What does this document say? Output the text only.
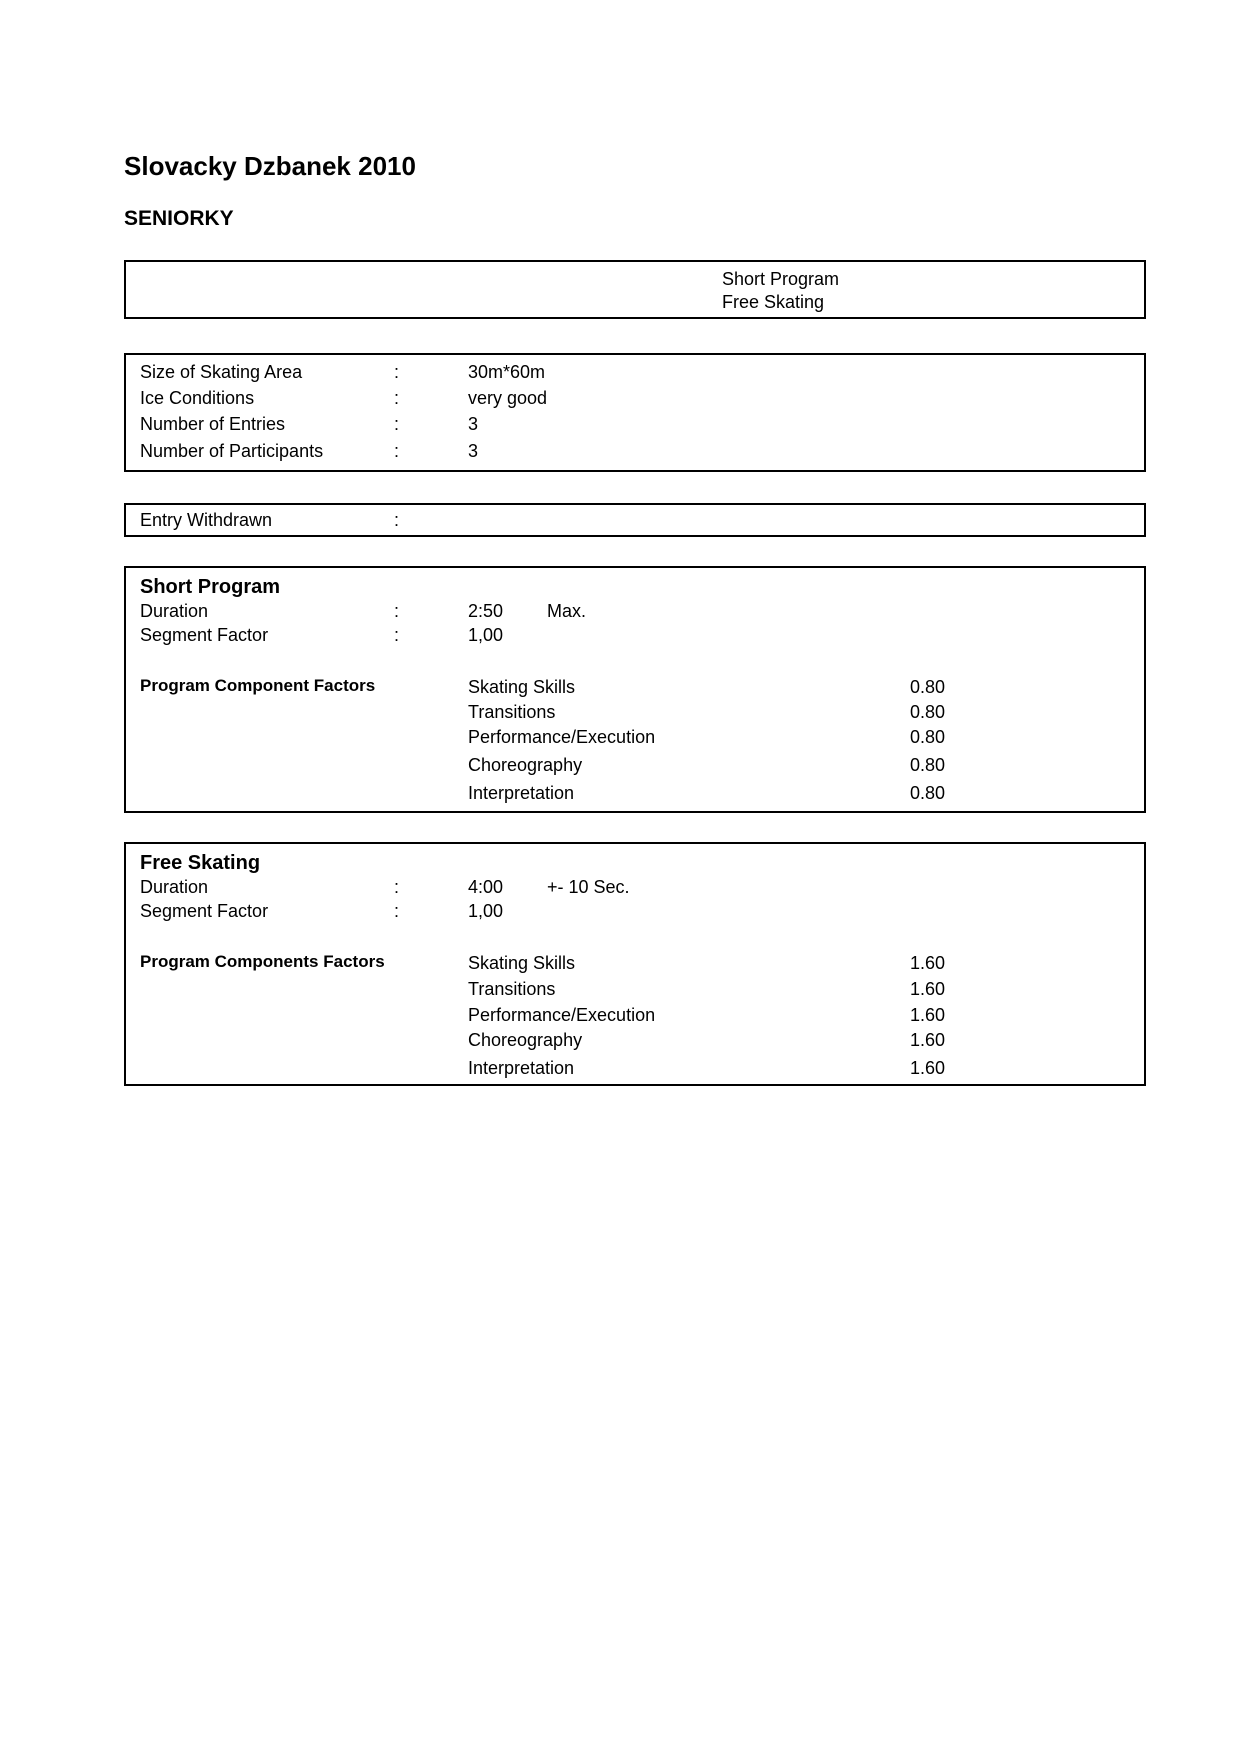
Slovacky Dzbanek 2010
SENIORKY
Short Program
Free Skating
Size of Skating Area	:	30m*60m
Ice Conditions	:	very good
Number of Entries	:	3
Number of Participants	:	3
Entry Withdrawn	:
Short Program
Duration	:	2:50 Max.
Segment Factor	:	1,00
Program Component Factors	Skating Skills	0.80
Transitions	0.80
Performance/Execution	0.80
Choreography	0.80
Interpretation	0.80
Free Skating
Duration	:	4:00 +- 10 Sec.
Segment Factor	:	1,00
Program Components Factors	Skating Skills	1.60
Transitions	1.60
Performance/Execution	1.60
Choreography	1.60
Interpretation	1.60
